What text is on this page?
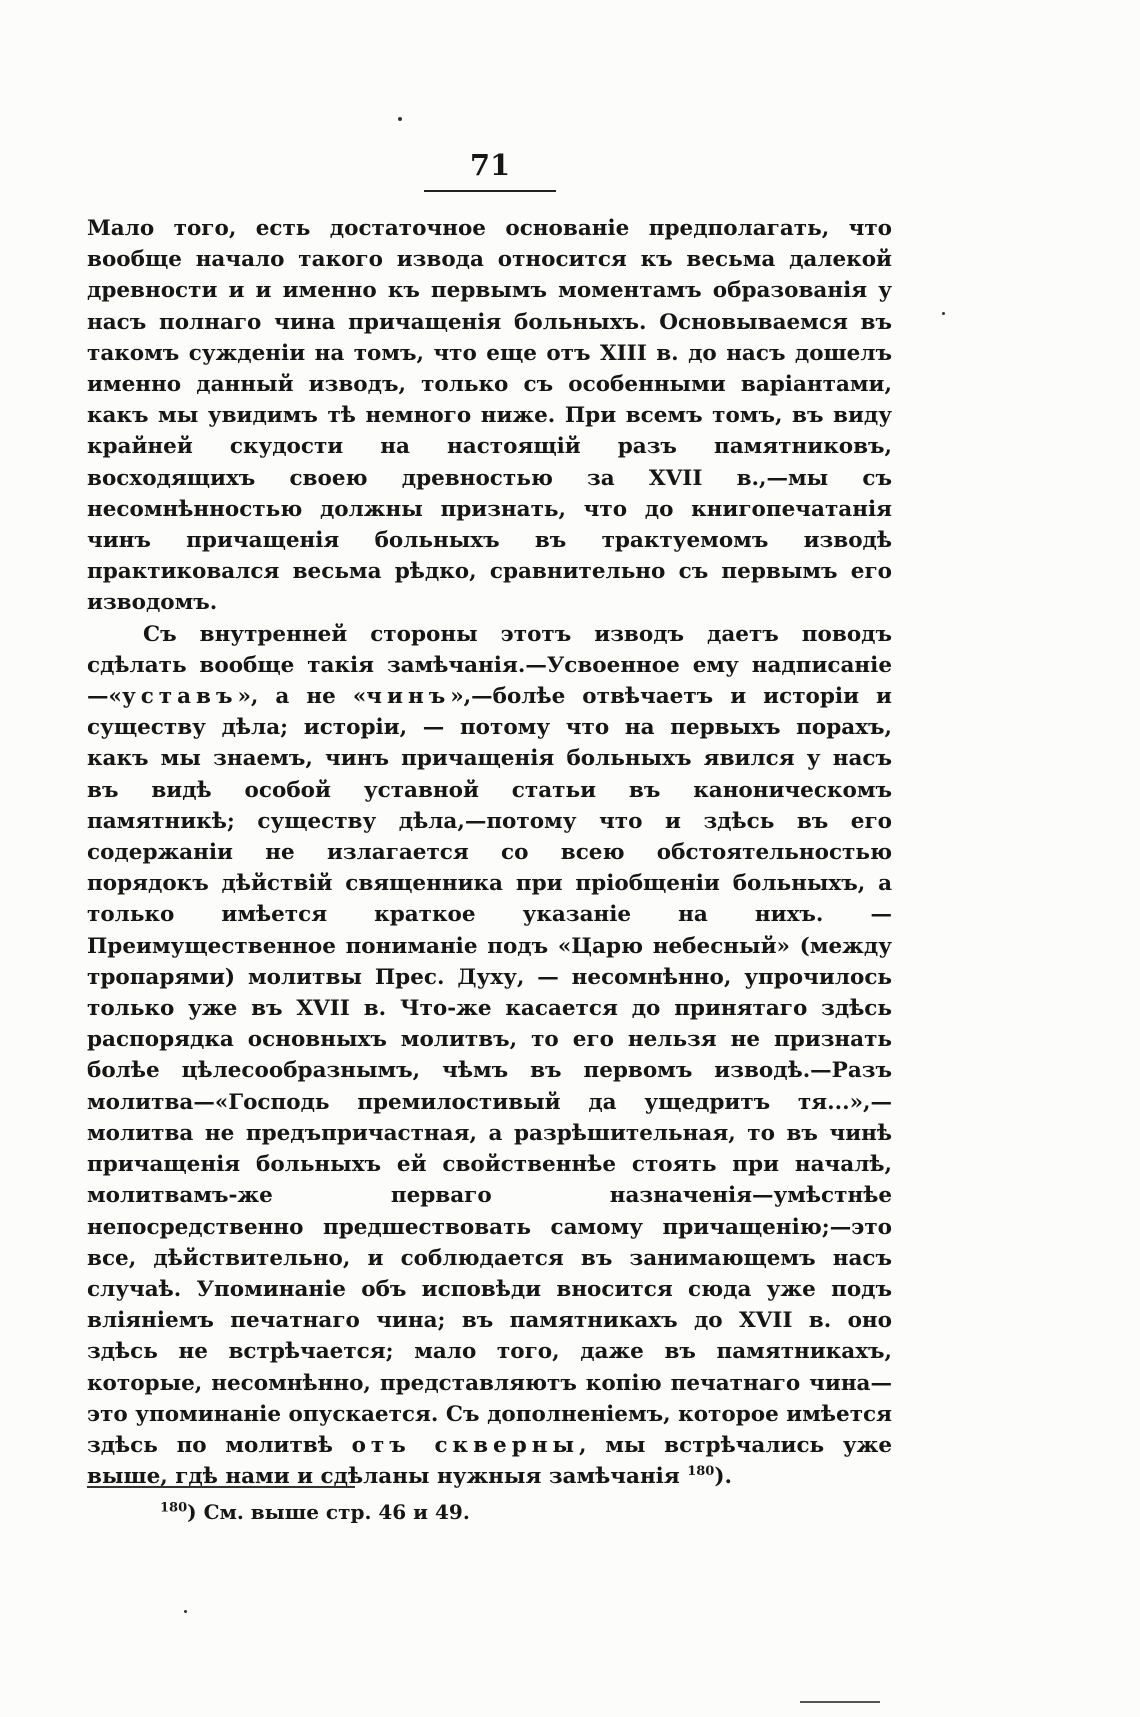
71

Мало того, есть достаточное основаніе предполагать, что вообще начало такого извода относится къ весьма далекой древности и и именно къ первымъ моментамъ образованія у насъ полнаго чина причащенія больныхъ. Основываемся въ такомъ сужденіи на томъ, что еще отъ XIII в. до насъ дошелъ именно данный изводъ, только съ особенными варіантами, какъ мы увидимъ тѣ немного ниже. При всемъ томъ, въ виду крайней скудости на настоящій разъ памятниковъ, восходящихъ своею древностью за XVII в.,—мы съ несомнѣнностью должны признать, что до книгопечатанія чинъ причащенія больныхъ въ трактуемомъ изводѣ практиковался весьма рѣдко, сравнительно съ первымъ его изводомъ.

Съ внутренней стороны этотъ изводъ даетъ поводъ сдѣлать вообще такія замѣчанія.—Усвоенное ему надписаніе—«уставъ», а не «чинъ»,—болѣе отвѣчаетъ и исторіи и существу дѣла; исторіи, — потому что на первыхъ порахъ, какъ мы знаемъ, чинъ причащенія больныхъ явился у насъ въ видѣ особой уставной статьи въ каноническомъ памятникѣ; существу дѣла,—потому что и здѣсь въ его содержаніи не излагается со всею обстоятельностью порядокъ дѣйствій священника при пріобщеніи больныхъ, а только имѣется краткое указаніе на нихъ. — Преимущественное пониманіе подъ «Царю небесный» (между тропарями) молитвы Прес. Духу, — несомнѣнно, упрочилось только уже въ XVII в. Что-же касается до принятаго здѣсь распорядка основныхъ молитвъ, то его нельзя не признать болѣе цѣлесообразнымъ, чѣмъ въ первомъ изводѣ.—Разъ молитва—«Господь премилостивый да ущедритъ тя...»,—молитва не предъпричастная, а разрѣшительная, то въ чинѣ причащенія больныхъ ей свойственнѣе стоять при началѣ, молитвамъ-же перваго назначенія—умѣстнѣе непосредственно предшествовать самому причащенію;—это все, дѣйствительно, и соблюдается въ занимающемъ насъ случаѣ. Упоминаніе объ исповѣди вносится сюда уже подъ вліяніемъ печатнаго чина; въ памятникахъ до XVII в. оно здѣсь не встрѣчается; мало того, даже въ памятникахъ, которые, несомнѣнно, представляютъ копію печатнаго чина—это упоминаніе опускается. Съ дополненіемъ, которое имѣется здѣсь по молитвѣ отъ скверны, мы встрѣчались уже выше, гдѣ нами и сдѣланы нужныя замѣчанія $^{180}$).

$^{180}$) См. выше стр. 46 и 49.
